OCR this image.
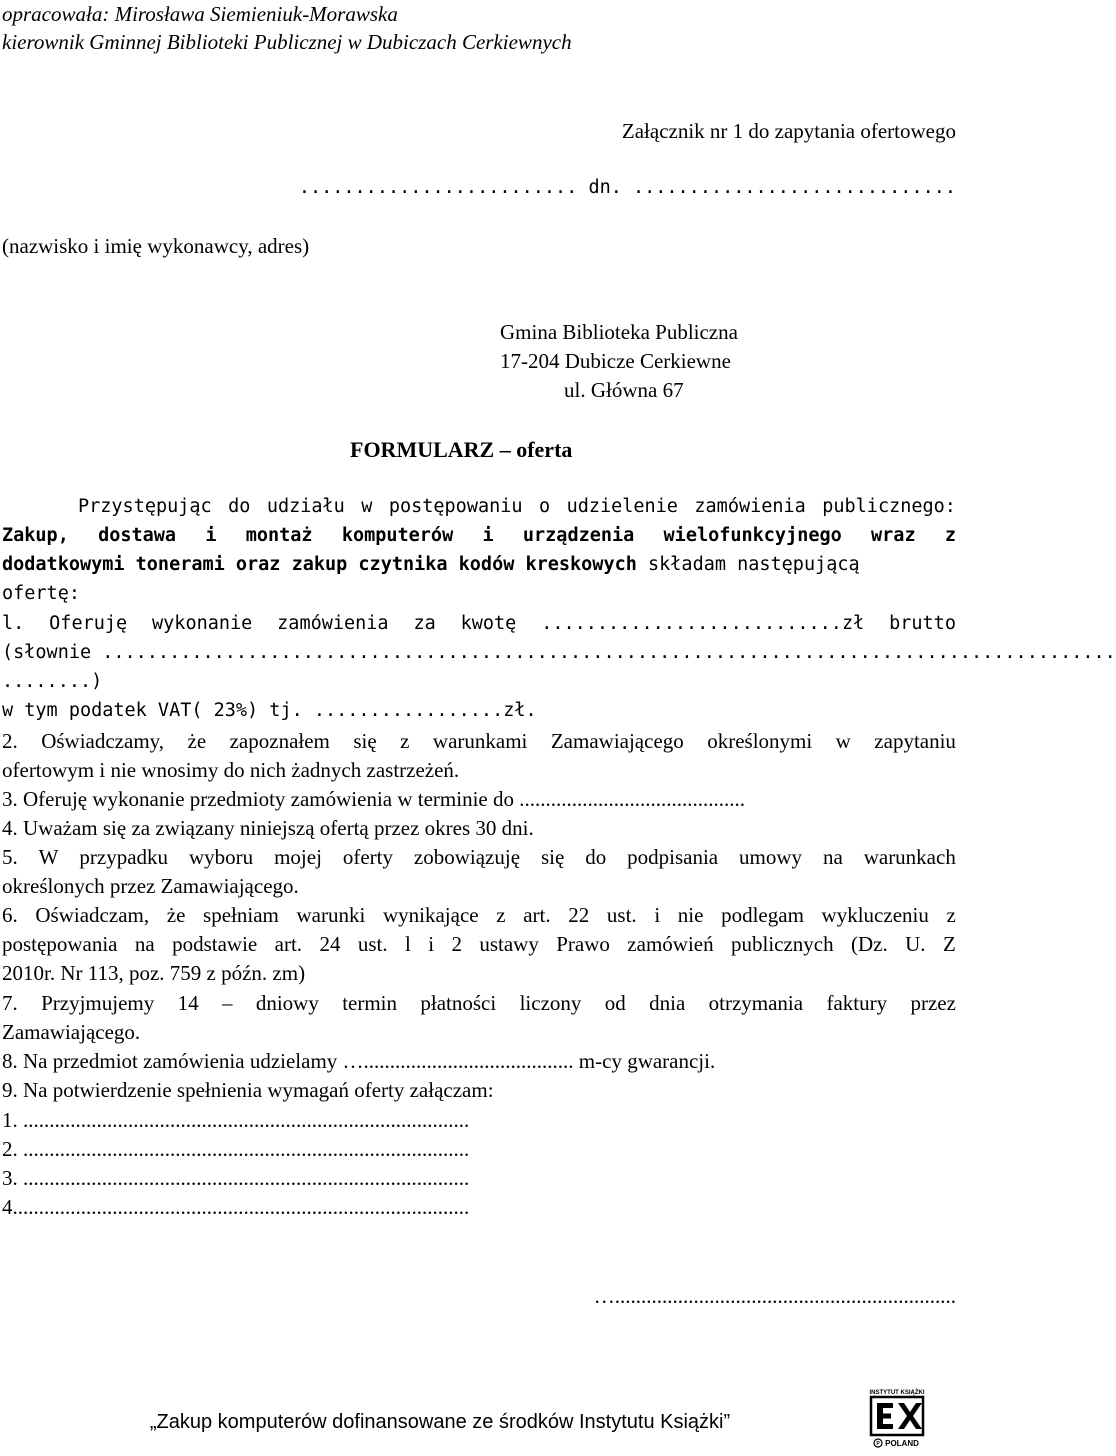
opracowała: Mirosława Siemieniuk-Morawska
kierownik Gminnej Biblioteki Publicznej w Dubiczach Cerkiewnych
Załącznik nr 1 do zapytania ofertowego
......................... dn. .............................
(nazwisko i imię wykonawcy, adres)
Gmina Biblioteka Publiczna
17-204 Dubicze Cerkiewne
ul. Główna 67
FORMULARZ – oferta
Przystępując do udziału w postępowaniu o udzielenie zamówienia publicznego:
Zakup, dostawa i montaż komputerów i urządzenia wielofunkcyjnego wraz z
dodatkowymi tonerami oraz zakup czytnika kodów kreskowych składam następującą
ofertę:
l. Oferuję wykonanie zamówienia za kwotę ...........................zł brutto
(słownie ...........................................................................................
........)
w tym podatek VAT( 23%) tj. .................zł.
2. Oświadczamy, że zapoznałem się z warunkami Zamawiającego określonymi w zapytaniu
ofertowym i nie wnosimy do nich żadnych zastrzeżeń.
3. Oferuję wykonanie przedmioty zamówienia w terminie do ...........................................
4. Uważam się za związany niniejszą ofertą przez okres 30 dni.
5. W przypadku wyboru mojej oferty zobowiązuję się do podpisania umowy na warunkach
określonych przez Zamawiającego.
6. Oświadczam, że spełniam warunki wynikające z art. 22 ust. i nie podlegam wykluczeniu z
postępowania na podstawie art. 24 ust. l i 2 ustawy Prawo zamówień publicznych (Dz. U. Z
2010r. Nr 113, poz. 759 z późn. zm)
7. Przyjmujemy 14 – dniowy termin płatności liczony od dnia otrzymania faktury przez
Zamawiającego.
8. Na przedmiot zamówienia udzielamy …........................................ m-cy gwarancji.
9. Na potwierdzenie spełnienia wymagań oferty załączam:
1. .....................................................................................
2. .....................................................................................
3. .....................................................................................
4.......................................................................................
….................................................................
INSTYTUT KSIĄŻKI
P POLAND
„Zakup komputerów dofinansowane ze środków Instytutu Książki”
